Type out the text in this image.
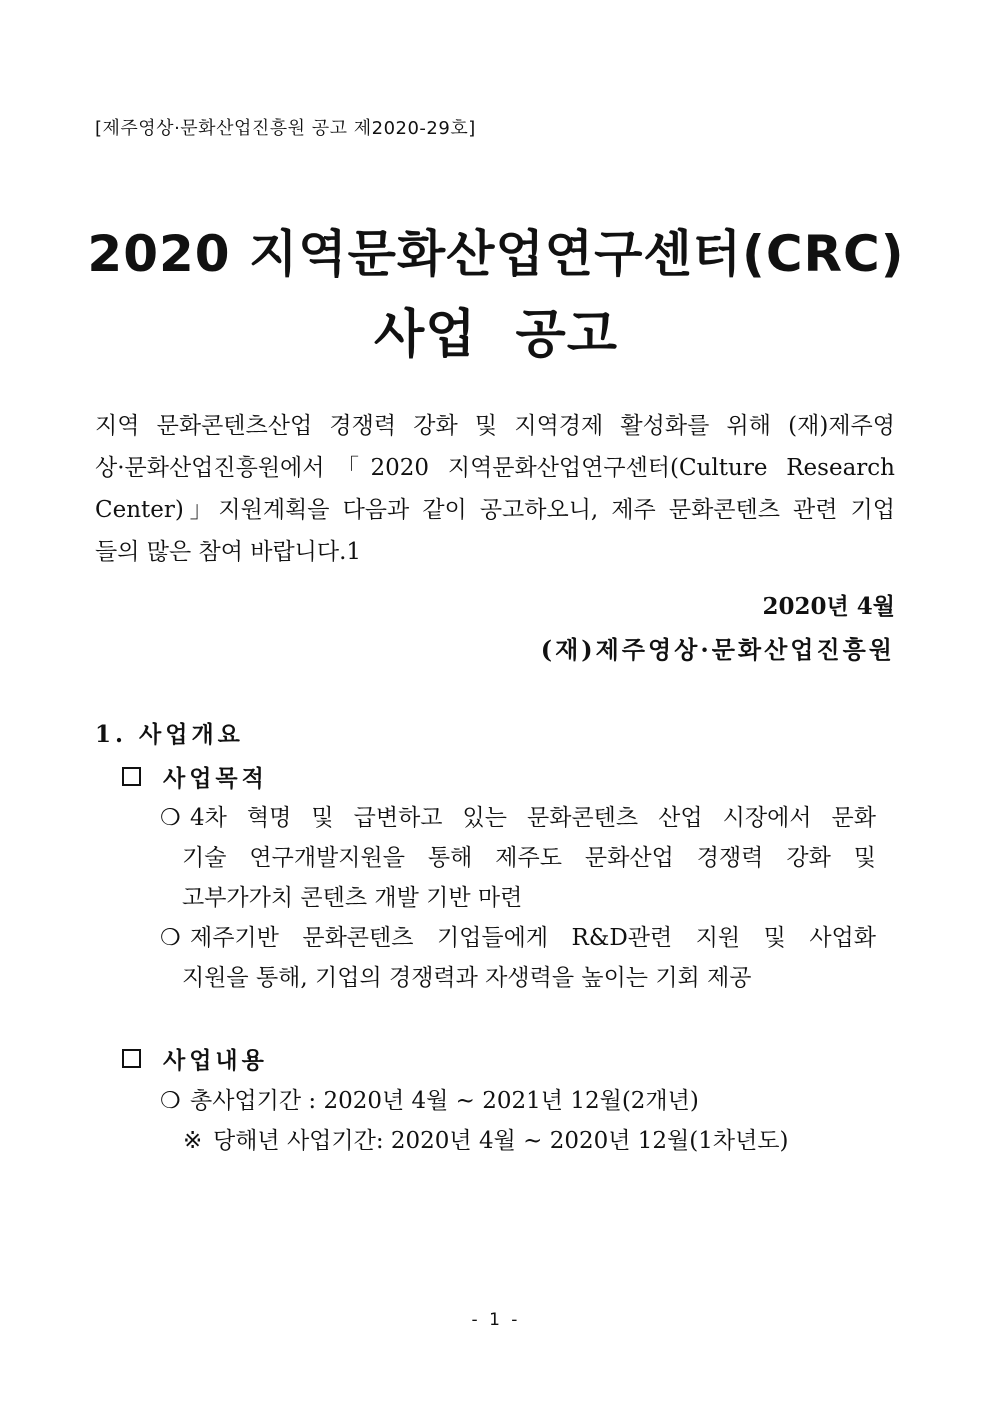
[제주영상·문화산업진흥원 공고 제2020-29호]
2020 지역문화산업연구센터(CRC)
사업 공고
지역 문화콘텐츠산업 경쟁력 강화 및 지역경제 활성화를 위해 (재)제주영
상·문화산업진흥원에서「2020 지역문화산업연구센터(Culture Research
Center)」지원계획을 다음과 같이 공고하오니, 제주 문화콘텐츠 관련 기업
들의 많은 참여 바랍니다.1
2020년 4월
(재)제주영상·문화산업진흥원
1. 사업개요
사업목적
❍ 4차 혁명 및 급변하고 있는 문화콘텐츠 산업 시장에서 문화
기술 연구개발지원을 통해 제주도 문화산업 경쟁력 강화 및
고부가가치 콘텐츠 개발 기반 마련
❍ 제주기반 문화콘텐츠 기업들에게 R&D관련 지원 및 사업화
지원을 통해, 기업의 경쟁력과 자생력을 높이는 기회 제공
사업내용
❍ 총사업기간 : 2020년 4월 ~ 2021년 12월(2개년)
※ 당해년 사업기간: 2020년 4월 ~ 2020년 12월(1차년도)
- 1 -
